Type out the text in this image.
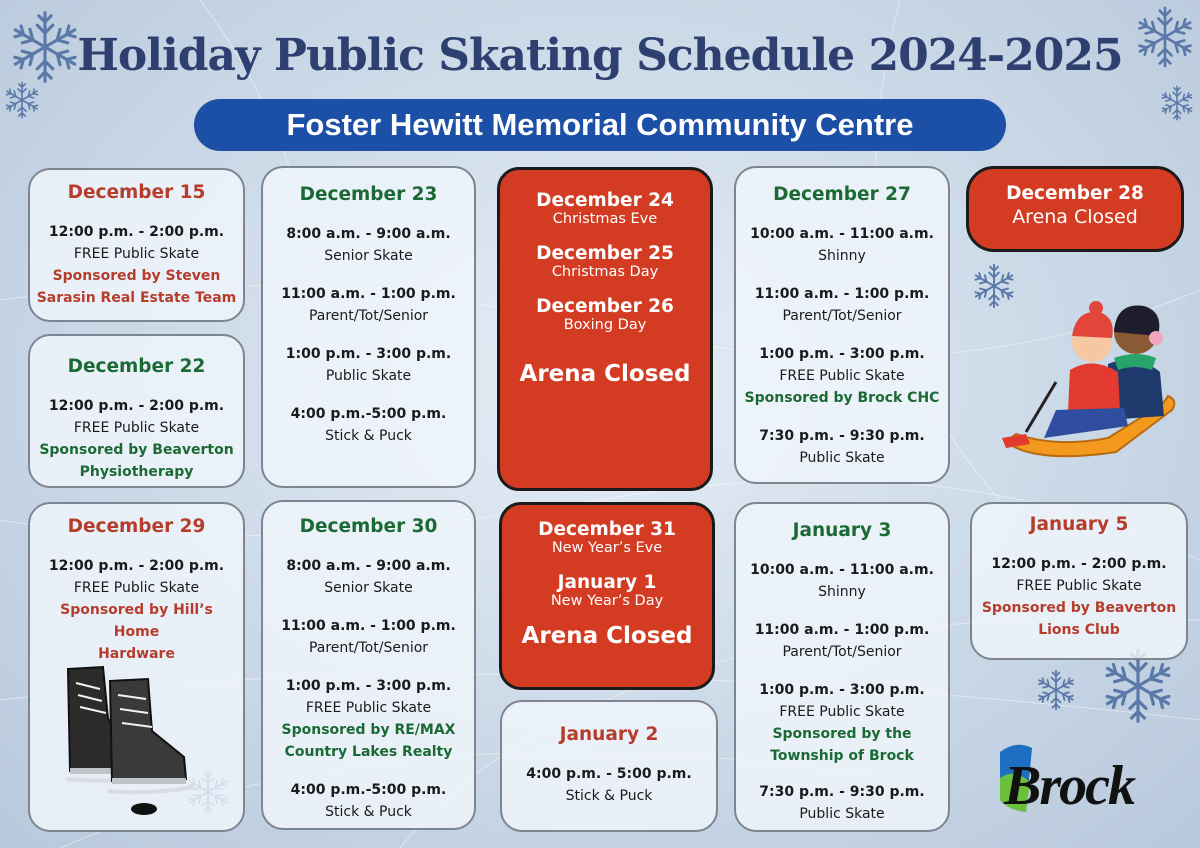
Holiday Public Skating Schedule 2024-2025
Foster Hewitt Memorial Community Centre
December 15
12:00 p.m. - 2:00 p.m.
FREE Public Skate
Sponsored by Steven
Sarasin Real Estate Team
December 22
12:00 p.m. - 2:00 p.m.
FREE Public Skate
Sponsored by Beaverton
Physiotherapy
December 29
12:00 p.m. - 2:00 p.m.
FREE Public Skate
Sponsored by Hill’s Home
Hardware
December 23
8:00 a.m. - 9:00 a.m.
Senior Skate
11:00 a.m. - 1:00 p.m.
Parent/Tot/Senior
1:00 p.m. - 3:00 p.m.
Public Skate
4:00 p.m.-5:00 p.m.
Stick & Puck
December 30
8:00 a.m. - 9:00 a.m.
Senior Skate
11:00 a.m. - 1:00 p.m.
Parent/Tot/Senior
1:00 p.m. - 3:00 p.m.
FREE Public Skate
Sponsored by RE/MAX
Country Lakes Realty
4:00 p.m.-5:00 p.m.
Stick & Puck
December 24
Christmas Eve
December 25
Christmas Day
December 26
Boxing Day
Arena Closed
December 31
New Year’s Eve
January 1
New Year’s Day
Arena Closed
January 2
4:00 p.m. - 5:00 p.m.
Stick & Puck
December 27
10:00 a.m. - 11:00 a.m.
Shinny
11:00 a.m. - 1:00 p.m.
Parent/Tot/Senior
1:00 p.m. - 3:00 p.m.
FREE Public Skate
Sponsored by Brock CHC
7:30 p.m. - 9:30 p.m.
Public Skate
January 3
10:00 a.m. - 11:00 a.m.
Shinny
11:00 a.m. - 1:00 p.m.
Parent/Tot/Senior
1:00 p.m. - 3:00 p.m.
FREE Public Skate
Sponsored by the
Township of Brock
7:30 p.m. - 9:30 p.m.
Public Skate
December 28
Arena Closed
January 5
12:00 p.m. - 2:00 p.m.
FREE Public Skate
Sponsored by Beaverton
Lions Club
Brock
